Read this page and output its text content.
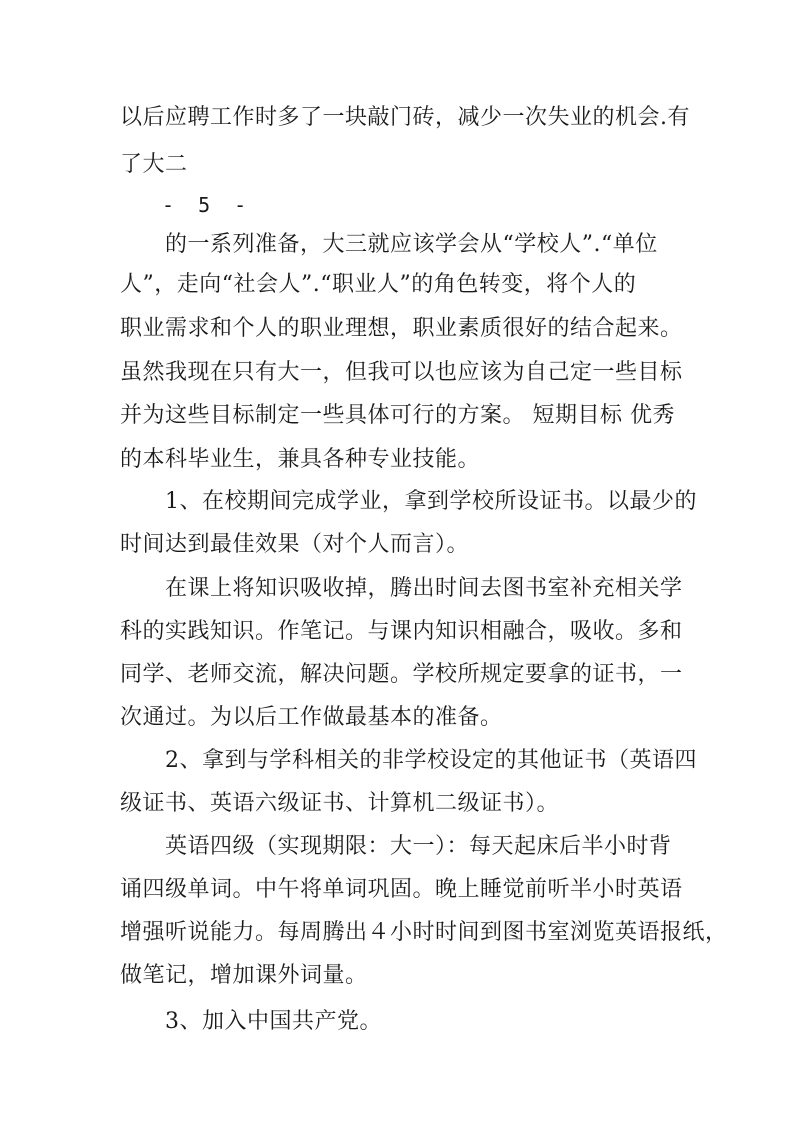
以后应聘工作时多了一块敲门砖，减少一次失业的机会.有
了大二
- 5 -
的一系列准备，大三就应该学会从“学校人”.“单位
人”，走向“社会人”.“职业人”的角色转变，将个人的
职业需求和个人的职业理想，职业素质很好的结合起来。
虽然我现在只有大一，但我可以也应该为自己定一些目标
并为这些目标制定一些具体可行的方案。 短期目标 优秀
的本科毕业生，兼具各种专业技能。
1、在校期间完成学业，拿到学校所设证书。以最少的
时间达到最佳效果（对个人而言）。
在课上将知识吸收掉，腾出时间去图书室补充相关学
科的实践知识。作笔记。与课内知识相融合，吸收。多和
同学、老师交流，解决问题。学校所规定要拿的证书，一
次通过。为以后工作做最基本的准备。
2、拿到与学科相关的非学校设定的其他证书（英语四
级证书、英语六级证书、计算机二级证书）。
英语四级（实现期限：大一）：每天起床后半小时背
诵四级单词。中午将单词巩固。晚上睡觉前听半小时英语
增强听说能力。每周腾出４小时时间到图书室浏览英语报纸，
做笔记，增加课外词量。
3、加入中国共产党。
